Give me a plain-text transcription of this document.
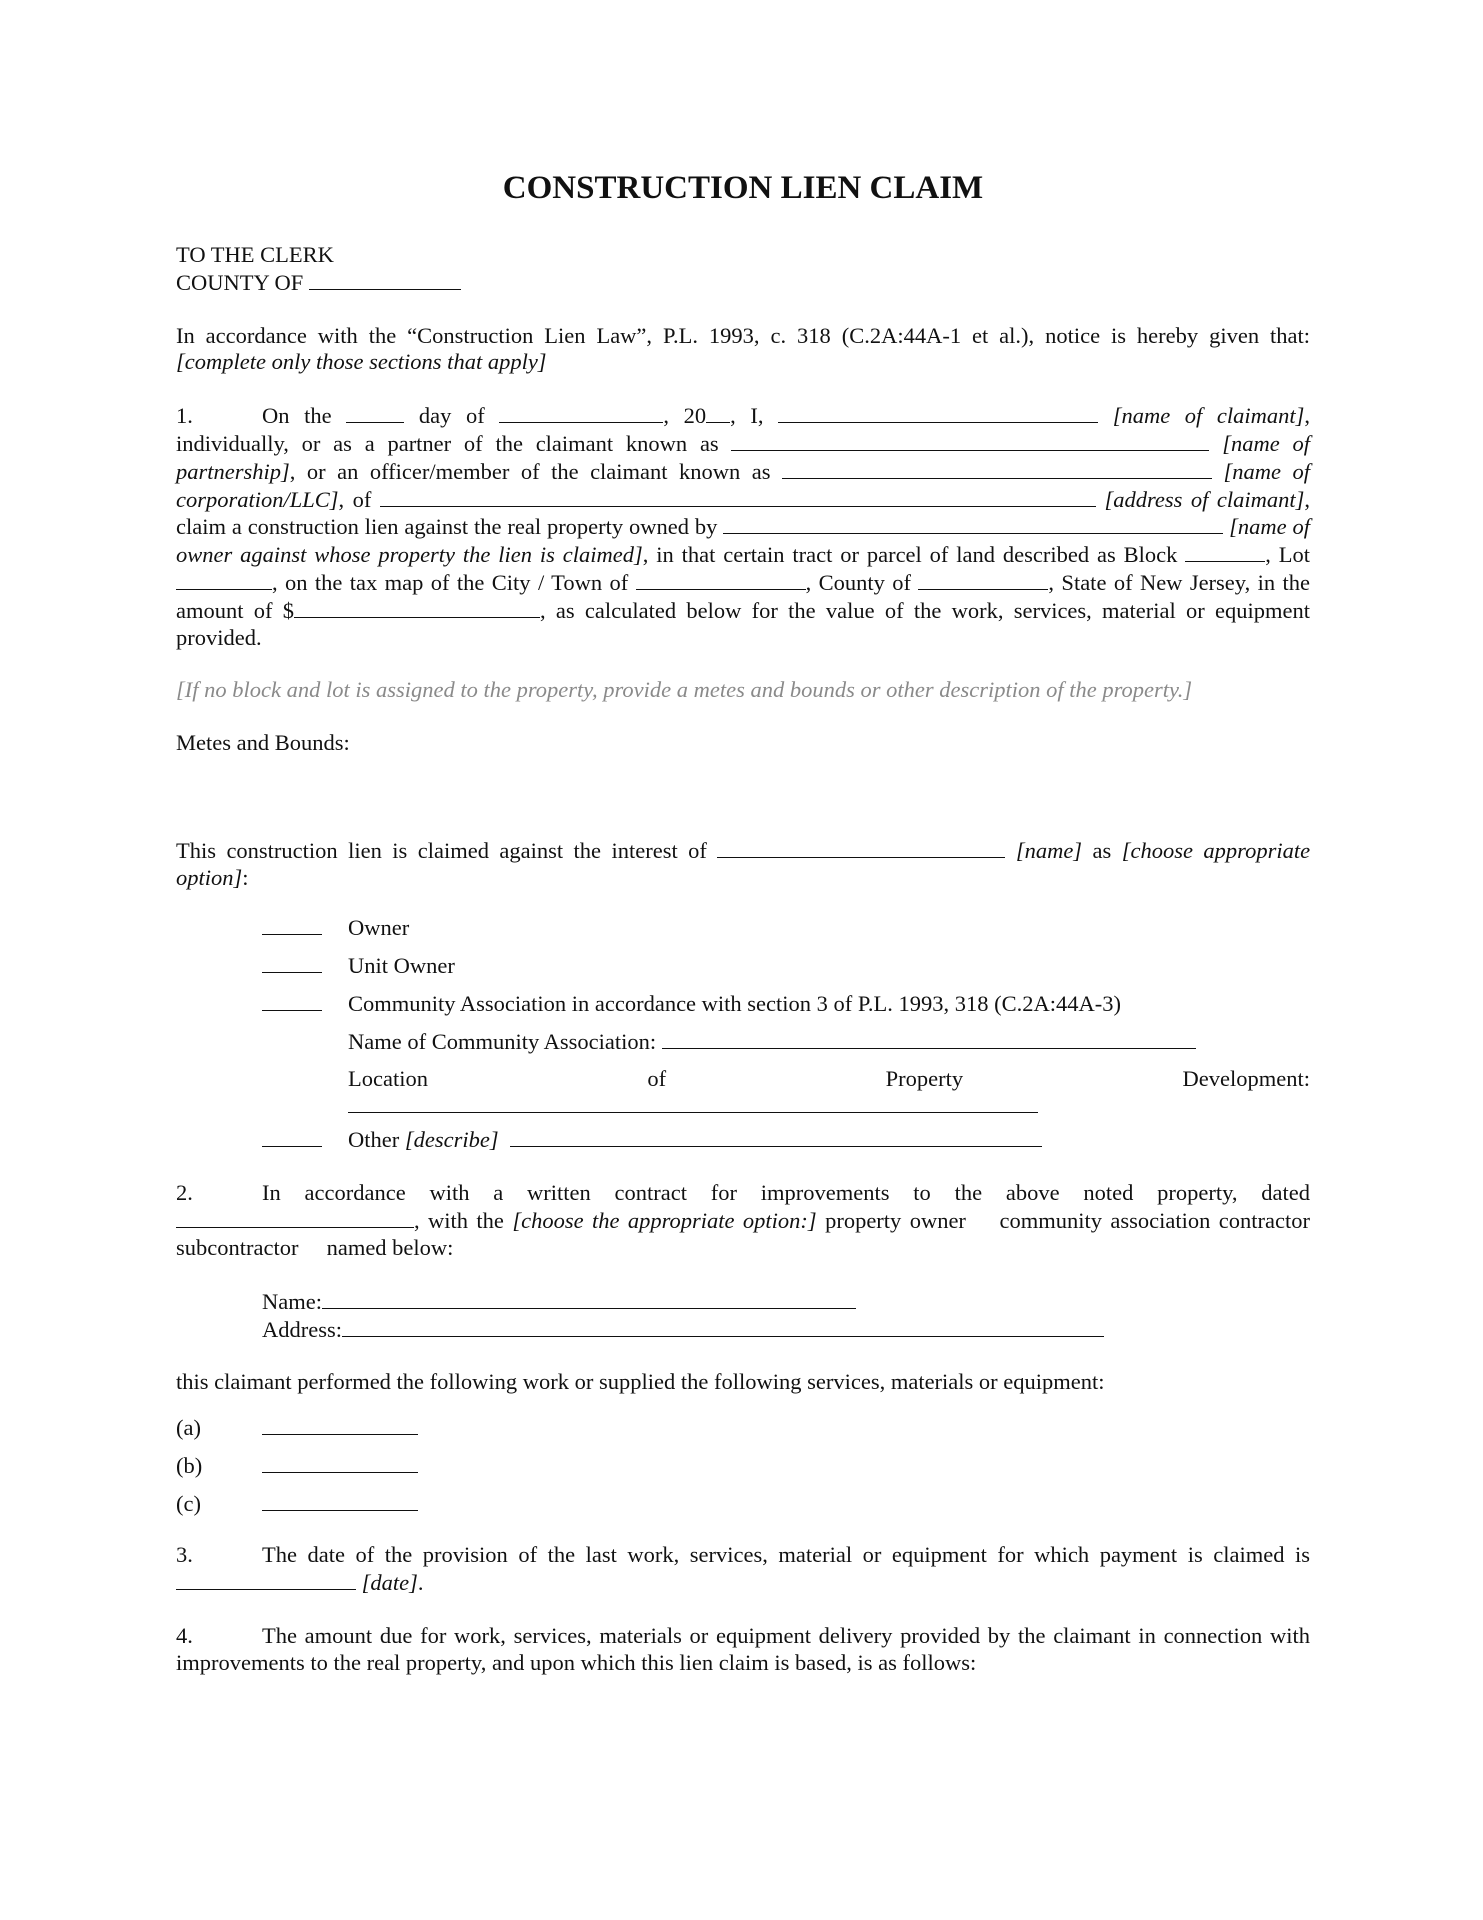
CONSTRUCTION LIEN CLAIM

TO THE CLERK

COUNTY OF

In accordance with the “Construction Lien Law”, P.L. 1993, c. 318 (C.2A:44A-1 et al.), notice is hereby given that: [complete only those sections that apply]

1.	On the	day of	, 20 , I,	[name of claimant], individually, or as a partner of the claimant known as	[name of partnership], or an officer/member of the claimant known as	[name of corporation/LLC], of	[address of claimant], claim a construction lien against the real property owned by	[name of owner against whose property the lien is claimed], in that certain tract or parcel of land described as Block	, Lot , on the tax map of the City / Town of	, County of	, State of New Jersey, in the amount of $	, as calculated below for the value of the work, services, material or equipment provided.

[If no block and lot is assigned to the property, provide a metes and bounds or other description of the property.]

Metes and Bounds:

This construction lien is claimed against the interest of	[name] as [choose appropriate option]:

Owner
Unit Owner
Community Association in accordance with section 3 of P.L. 1993, 318 (C.2A:44A-3)
Name of Community Association:
Location	of	Property	Development:
Other
[describe]

2.	In accordance with a written contract for improvements to the above noted property, dated , with the [choose the appropriate option:] property owner    community association contractor    subcontractor     named below:

Name:

Address:

this claimant performed the following work or supplied the following services, materials or equipment:

(a)
(b)
(c)

3.	The date of the provision of the last work, services, material or equipment for which payment is claimed is  [date].

4.	The amount due for work, services, materials or equipment delivery provided by the claimant in connection with improvements to the real property, and upon which this lien claim is based, is as follows:
